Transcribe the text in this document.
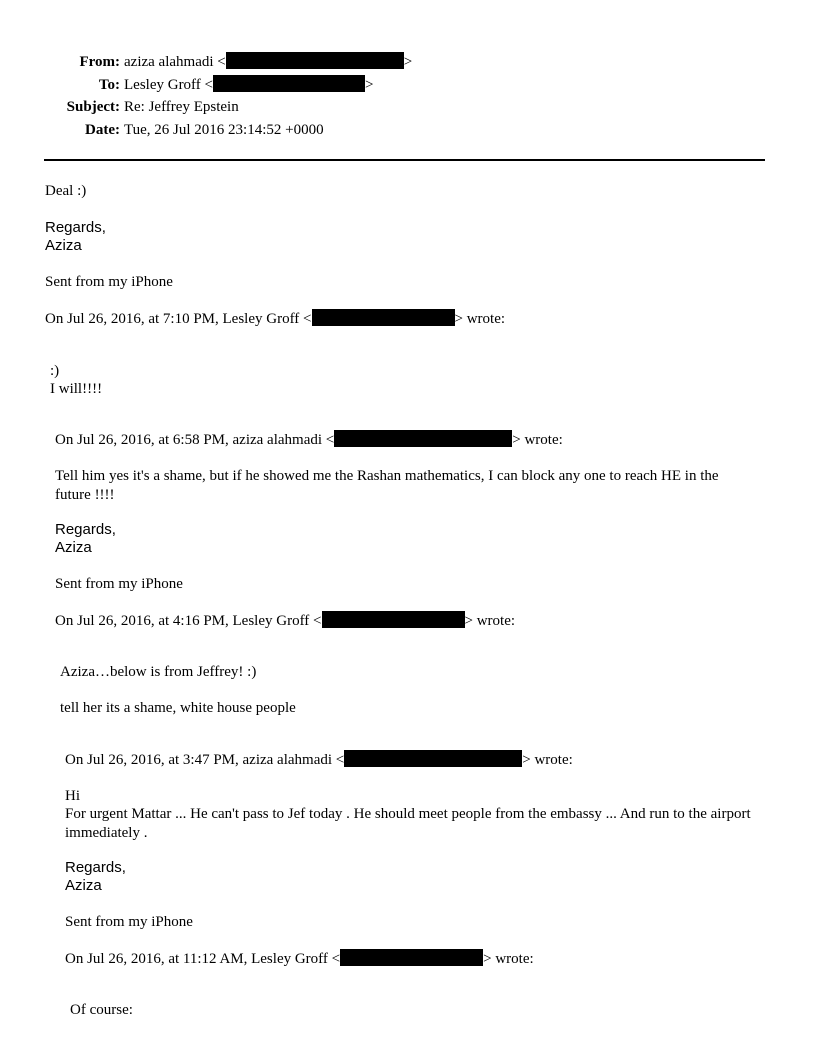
From: aziza alahmadi <	>
To: Lesley Groff <	>
Subject: Re: Jeffrey Epstein
Date: Tue, 26 Jul 2016 23:14:52 +0000
Deal :)
Regards,
Aziza
Sent from my iPhone
On Jul 26, 2016, at 7:10 PM, Lesley Groff <	> wrote:
:)
I will!!!!
On Jul 26, 2016, at 6:58 PM, aziza alahmadi <	> wrote:
Tell him yes it's a shame, but if he showed me the Rashan mathematics, I can block any one to reach HE in the future !!!!
Regards,
Aziza
Sent from my iPhone
On Jul 26, 2016, at 4:16 PM, Lesley Groff <	> wrote:
Aziza…below is from Jeffrey! :)
tell her its a shame, white house people
On Jul 26, 2016, at 3:47 PM, aziza alahmadi <	> wrote:
Hi
For urgent Mattar ... He can't pass to Jef today . He should meet people from the embassy ... And run to the airport immediately .
Regards,
Aziza
Sent from my iPhone
On Jul 26, 2016, at 11:12 AM, Lesley Groff <	> wrote:
Of course:
